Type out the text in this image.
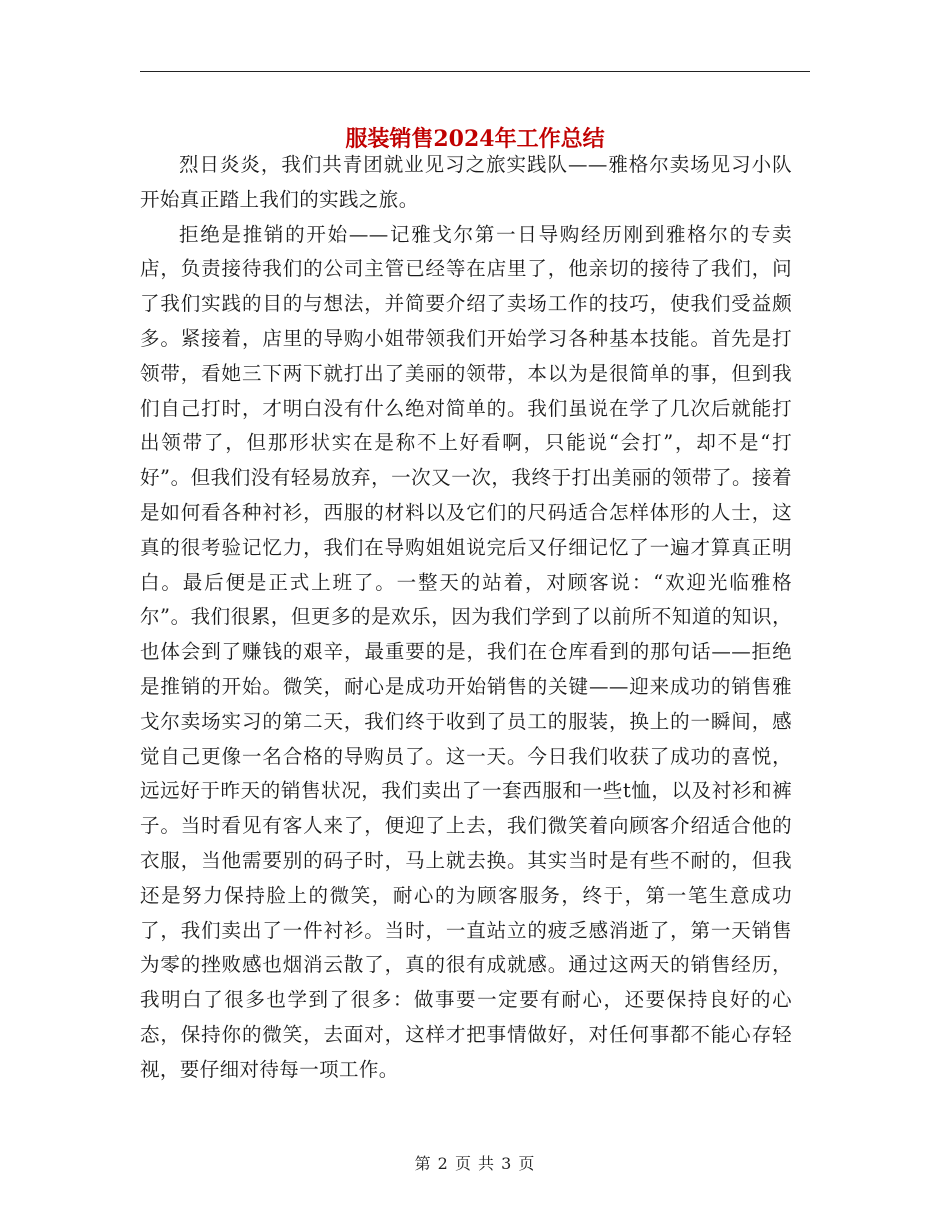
服装销售2024年工作总结

烈日炎炎，我们共青团就业见习之旅实践队——雅格尔卖场见习小队开始真正踏上我们的实践之旅。

拒绝是推销的开始——记雅戈尔第一日导购经历刚到雅格尔的专卖店，负责接待我们的公司主管已经等在店里了，他亲切的接待了我们，问了我们实践的目的与想法，并简要介绍了卖场工作的技巧，使我们受益颇多。紧接着，店里的导购小姐带领我们开始学习各种基本技能。首先是打领带，看她三下两下就打出了美丽的领带，本以为是很简单的事，但到我们自己打时，才明白没有什么绝对简单的。我们虽说在学了几次后就能打出领带了，但那形状实在是称不上好看啊，只能说“会打”，却不是“打好”。但我们没有轻易放弃，一次又一次，我终于打出美丽的领带了。接着是如何看各种衬衫，西服的材料以及它们的尺码适合怎样体形的人士，这真的很考验记忆力，我们在导购姐姐说完后又仔细记忆了一遍才算真正明白。最后便是正式上班了。一整天的站着，对顾客说：“欢迎光临雅格尔”。我们很累，但更多的是欢乐，因为我们学到了以前所不知道的知识，也体会到了赚钱的艰辛，最重要的是，我们在仓库看到的那句话——拒绝是推销的开始。微笑，耐心是成功开始销售的关键——迎来成功的销售雅戈尔卖场实习的第二天，我们终于收到了员工的服装，换上的一瞬间，感觉自己更像一名合格的导购员了。这一天。今日我们收获了成功的喜悦，远远好于昨天的销售状况，我们卖出了一套西服和一些t恤，以及衬衫和裤子。当时看见有客人来了，便迎了上去，我们微笑着向顾客介绍适合他的衣服，当他需要别的码子时，马上就去换。其实当时是有些不耐的，但我还是努力保持脸上的微笑，耐心的为顾客服务，终于，第一笔生意成功了，我们卖出了一件衬衫。当时，一直站立的疲乏感消逝了，第一天销售为零的挫败感也烟消云散了，真的很有成就感。通过这两天的销售经历，我明白了很多也学到了很多：做事要一定要有耐心，还要保持良好的心态，保持你的微笑，去面对，这样才把事情做好，对任何事都不能心存轻视，要仔细对待每一项工作。

第 2 页 共 3 页
